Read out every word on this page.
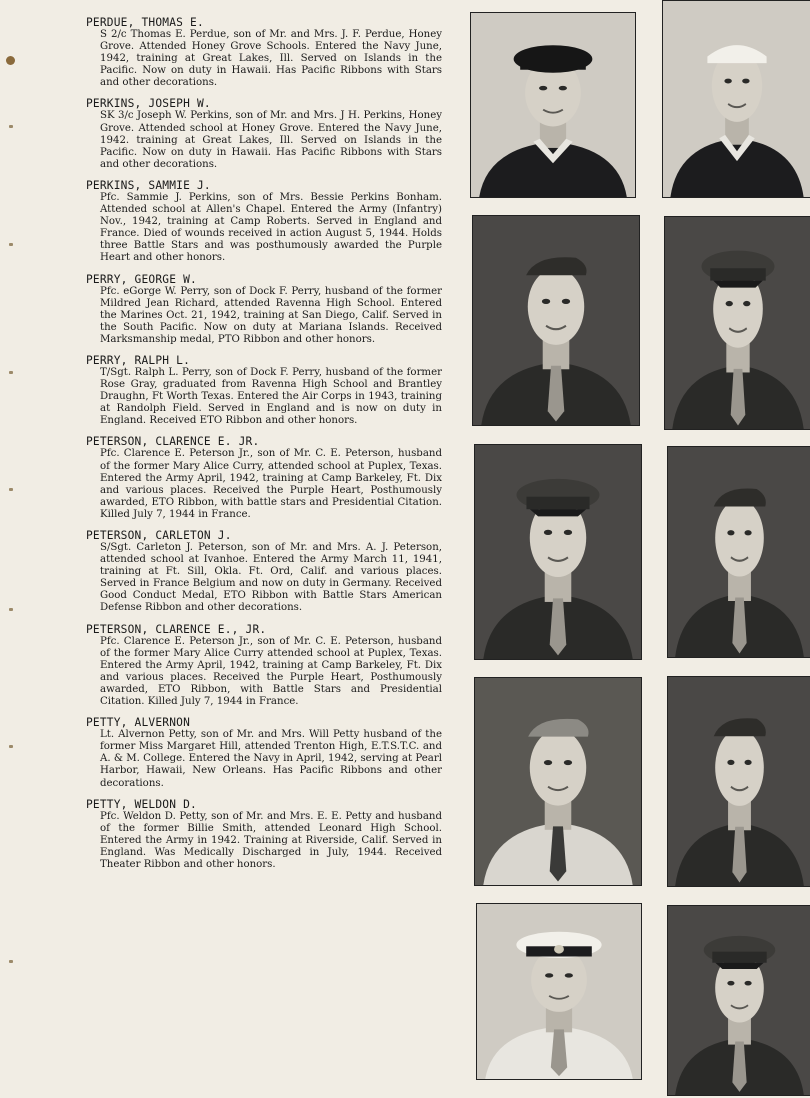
PERDUE, THOMAS E.

S 2/c Thomas E. Perdue, son of Mr. and Mrs. J. F. Perdue, Honey Grove. Attended Honey Grove Schools. Entered the Navy June, 1942, training at Great Lakes, Ill. Served on Islands in the Pacific. Now on duty in Hawaii. Has Pacific Ribbons with Stars and other decorations.

PERKINS, JOSEPH W.

SK 3/c Joseph W. Perkins, son of Mr. and Mrs. J H. Perkins, Honey Grove. Attended school at Honey Grove. Entered the Navy June, 1942. training at Great Lakes, Ill. Served on Islands in the Pacific. Now on duty in Hawaii. Has Pacific Ribbons with Stars and other decorations.

PERKINS, SAMMIE J.

Pfc. Sammie J. Perkins, son of Mrs. Bessie Perkins Bonham. Attended school at Allen's Chapel. Entered the Army (Infantry) Nov., 1942, training at Camp Roberts. Served in England and France. Died of wounds received in action August 5, 1944. Holds three Battle Stars and was posthumously awarded the Purple Heart and other honors.

PERRY, GEORGE W.

Pfc. eGorge W. Perry, son of Dock F. Perry, husband of the former Mildred Jean Richard, attended Ravenna High School. Entered the Marines Oct. 21, 1942, training at San Diego, Calif. Served in the South Pacific. Now on duty at Mariana Islands. Received Marksmanship medal, PTO Ribbon and other honors.

PERRY, RALPH L.

T/Sgt. Ralph L. Perry, son of Dock F. Perry, husband of the former Rose Gray, graduated from Ravenna High School and Brantley Draughn, Ft Worth Texas. Entered the Air Corps in 1943, training at Randolph Field. Served in England and is now on duty in England. Received ETO Ribbon and other honors.

PETERSON, CLARENCE E. JR.

Pfc. Clarence E. Peterson Jr., son of Mr. C. E. Peterson, husband of the former Mary Alice Curry, attended school at Puplex, Texas. Entered the Army April, 1942, training at Camp Barkeley, Ft. Dix and various places. Received the Purple Heart, Posthumously awarded, ETO Ribbon, with battle stars and Presidential Citation. Killed July 7, 1944 in France.

PETERSON, CARLETON J.

S/Sgt. Carleton J. Peterson, son of Mr. and Mrs. A. J. Peterson, attended school at Ivanhoe. Entered the Army March 11, 1941, training at Ft. Sill, Okla. Ft. Ord, Calif. and various places. Served in France Belgium and now on duty in Germany. Received Good Conduct Medal, ETO Ribbon with Battle Stars American Defense Ribbon and other decorations.

PETERSON, CLARENCE E., JR.

Pfc. Clarence E. Peterson Jr., son of Mr. C. E. Peterson, husband of the former Mary Alice Curry attended school at Puplex, Texas. Entered the Army April, 1942, training at Camp Barkeley, Ft. Dix and various places. Received the Purple Heart, Posthumously awarded, ETO Ribbon, with Battle Stars and Presidential Citation. Killed July 7, 1944 in France.

PETTY, ALVERNON

Lt. Alvernon Petty, son of Mr. and Mrs. Will Petty husband of the former Miss Margaret Hill, attended Trenton High, E.T.S.T.C. and A. & M. College. Entered the Navy in April, 1942, serving at Pearl Harbor, Hawaii, New Orleans. Has Pacific Ribbons and other decorations.

PETTY, WELDON D.

Pfc. Weldon D. Petty, son of Mr. and Mrs. E. E. Petty and husband of the former Billie Smith, attended Leonard High School. Entered the Army in 1942. Training at Riverside, Calif. Served in England. Was Medically Discharged in July, 1944. Received Theater Ribbon and other honors.
